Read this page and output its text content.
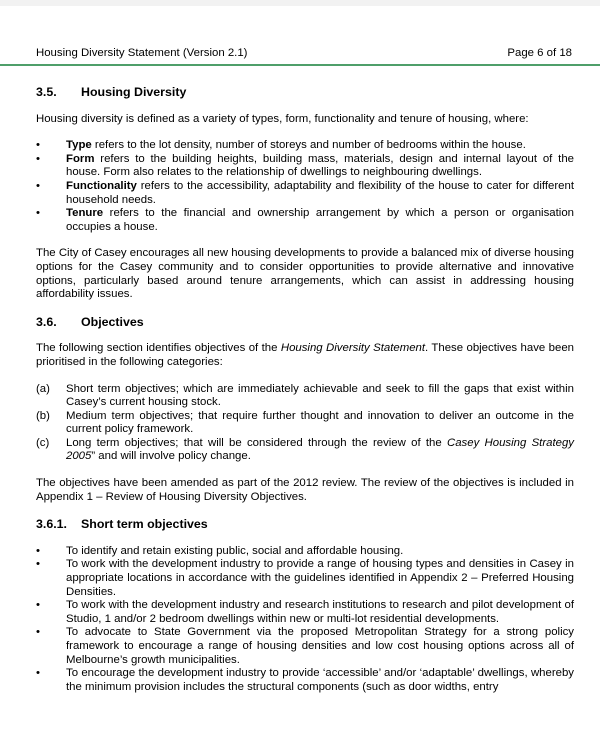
Housing Diversity Statement (Version 2.1)	Page 6 of 18
3.5.	Housing Diversity

Housing diversity is defined as a variety of types, form, functionality and tenure of housing, where:

• Type refers to the lot density, number of storeys and number of bedrooms within the house.
• Form refers to the building heights, building mass, materials, design and internal layout of the house. Form also relates to the relationship of dwellings to neighbouring dwellings.
• Functionality refers to the accessibility, adaptability and flexibility of the house to cater for different household needs.
• Tenure refers to the financial and ownership arrangement by which a person or organisation occupies a house.

The City of Casey encourages all new housing developments to provide a balanced mix of diverse housing options for the Casey community and to consider opportunities to provide alternative and innovative options, particularly based around tenure arrangements, which can assist in addressing housing affordability issues.

3.6.	Objectives

The following section identifies objectives of the Housing Diversity Statement. These objectives have been prioritised in the following categories:

(a) Short term objectives; which are immediately achievable and seek to fill the gaps that exist within Casey’s current housing stock.
(b) Medium term objectives; that require further thought and innovation to deliver an outcome in the current policy framework.
(c) Long term objectives; that will be considered through the review of the Casey Housing Strategy 2005” and will involve policy change.

The objectives have been amended as part of the 2012 review. The review of the objectives is included in Appendix 1 – Review of Housing Diversity Objectives.

3.6.1.	Short term objectives
• To identify and retain existing public, social and affordable housing.
• To work with the development industry to provide a range of housing types and densities in Casey in appropriate locations in accordance with the guidelines identified in Appendix 2 – Preferred Housing Densities.
• To work with the development industry and research institutions to research and pilot development of Studio, 1 and/or 2 bedroom dwellings within new or multi-lot residential developments.
• To advocate to State Government via the proposed Metropolitan Strategy for a strong policy framework to encourage a range of housing densities and low cost housing options across all of Melbourne’s growth municipalities.
• To encourage the development industry to provide ‘accessible’ and/or ‘adaptable’ dwellings, whereby the minimum provision includes the structural components (such as door widths, entry
